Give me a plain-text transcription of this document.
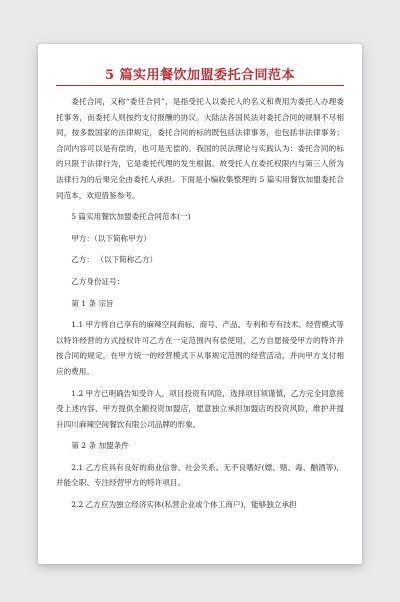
5 篇实用餐饮加盟委托合同范本

委托合同，又称“委任合同”，是指受托人以委托人的名义和费用为委托人办理委托事务，而委托人则按约支付报酬的协议。大陆法各国民法对委托合同的规制不尽相同，按多数国家的法律规定，委托合同的标的既包括法律事务，也包括非法律事务；合同内容可以是有偿的，也可是无偿的。我国的民法理论与实践认为：委托合同的标的只限于法律行为，它是委托代理的发生根据。故受托人在委托权限内与第三人所为法律行为的后果完全由委托人承担。下面是小编收集整理的 5 篇实用餐饮加盟委托合同范本，欢迎借鉴参考。

5 篇实用餐饮加盟委托合同范本(一)

甲方：（以下简称甲方）

乙方： （以下简称乙方）

乙方身份证号：

第 1 条 宗旨

1.1 甲方将自己享有的麻辣空间商标、商号、产品、专利和专有技术、经营模式等以特许经营的方式授权许可乙方在一定范围内有偿使用，乙方自愿接受甲方的特许并按合同的规定，在甲方统一的经营模式下从事规定范围的经营活动，并向甲方支付相应的费用。

1.2 甲方已明确告知受许人，项目投资有风险，选择项目须谨慎，乙方完全同意接受上述内容，甲方提供全额投资加盟店，愿意独立承担加盟店的投资风险，维护并提升四川麻辣空间餐饮有限公司品牌的形象。

第 2 条 加盟条件

2.1 乙方应具有良好的商业信誉、社会关系、无不良嗜好(嫖、赌、毒、酗酒等)，并能全职、专注经营甲方的特许项目。

2.2 乙方应为独立经济实体(私营企业或个体工商户)，能够独立承担
